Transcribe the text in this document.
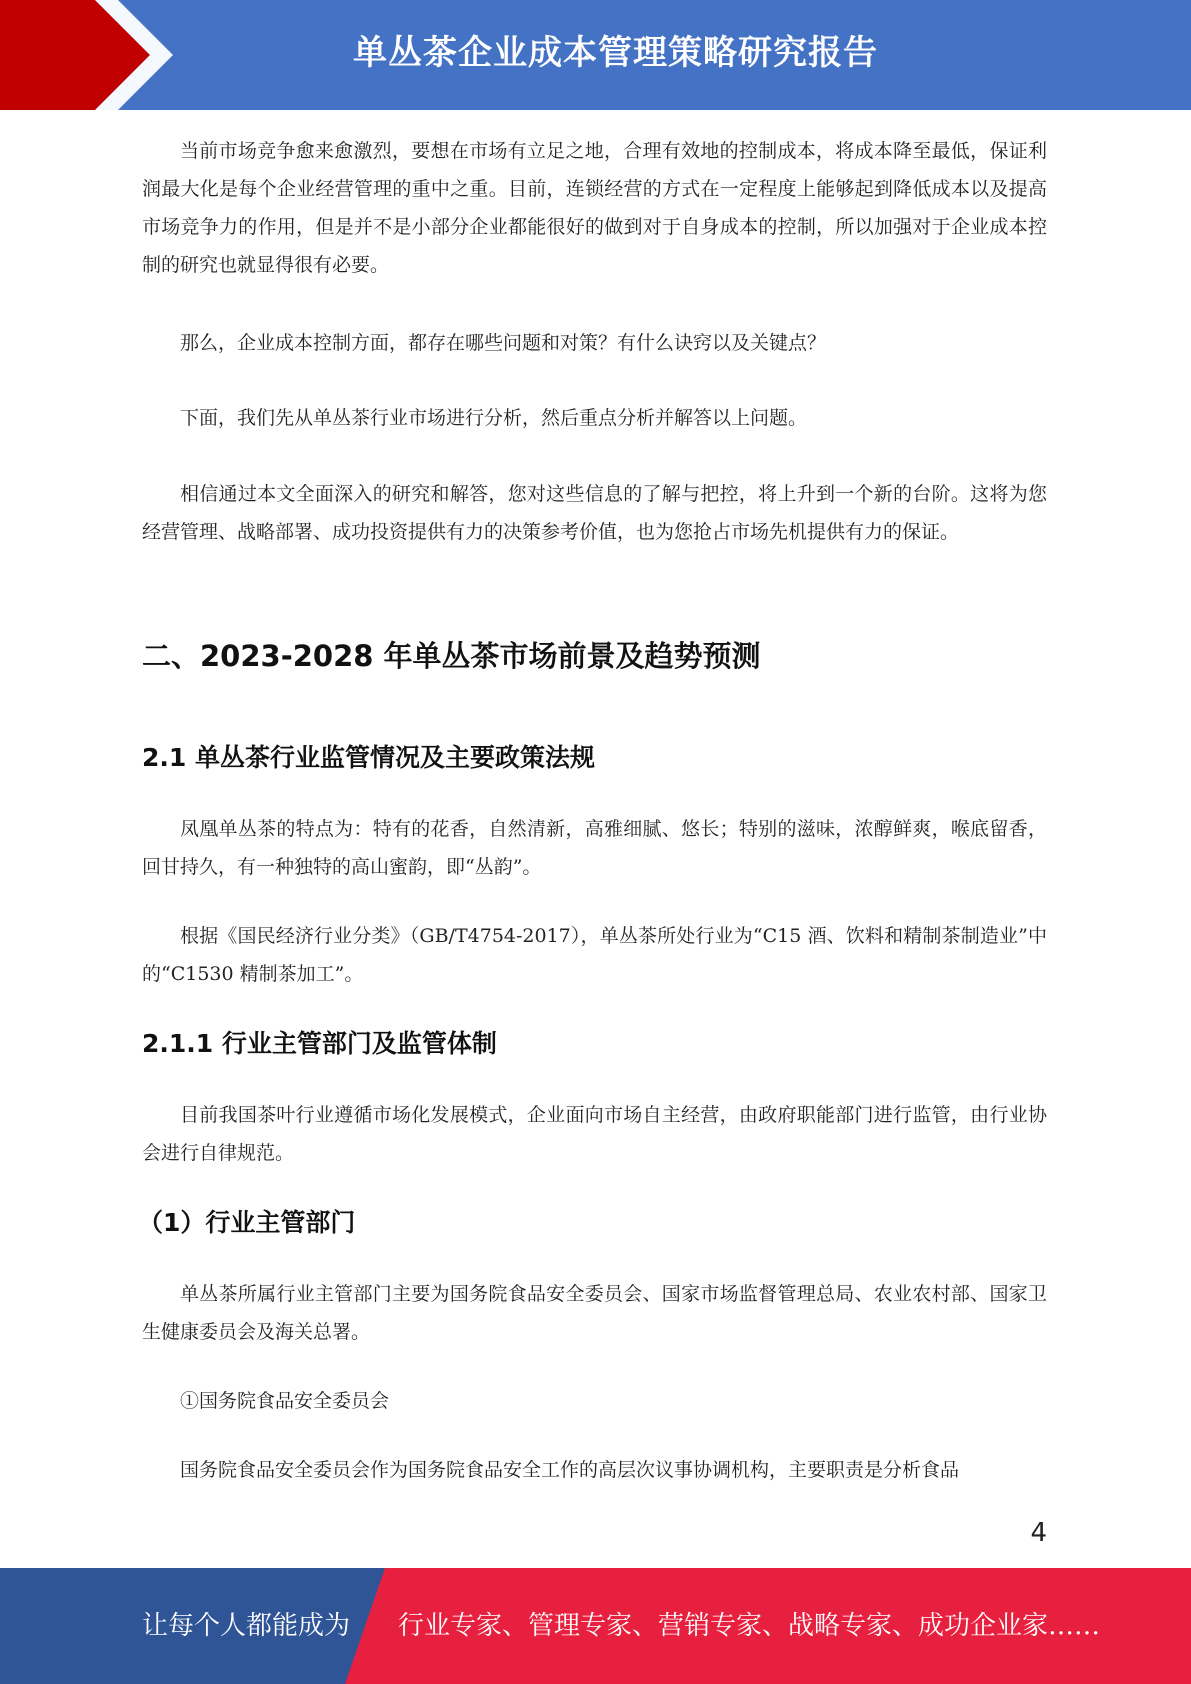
单丛茶企业成本管理策略研究报告

当前市场竞争愈来愈激烈，要想在市场有立足之地，合理有效地的控制成本，将成本降至最低，保证利润最大化是每个企业经营管理的重中之重。目前，连锁经营的方式在一定程度上能够起到降低成本以及提高市场竞争力的作用，但是并不是小部分企业都能很好的做到对于自身成本的控制，所以加强对于企业成本控制的研究也就显得很有必要。

那么，企业成本控制方面，都存在哪些问题和对策？有什么诀窍以及关键点？

下面，我们先从单丛茶行业市场进行分析，然后重点分析并解答以上问题。

相信通过本文全面深入的研究和解答，您对这些信息的了解与把控，将上升到一个新的台阶。这将为您经营管理、战略部署、成功投资提供有力的决策参考价值，也为您抢占市场先机提供有力的保证。

二、2023-2028 年单丛茶市场前景及趋势预测
2.1 单丛茶行业监管情况及主要政策法规

凤凰单丛茶的特点为：特有的花香，自然清新，高雅细腻、悠长；特别的滋味，浓醇鲜爽，喉底留香，回甘持久，有一种独特的高山蜜韵，即“丛韵”。

根据《国民经济行业分类》（GB/T4754-2017），单丛茶所处行业为“C15 酒、饮料和精制茶制造业”中的“C1530 精制茶加工”。

2.1.1 行业主管部门及监管体制

目前我国茶叶行业遵循市场化发展模式，企业面向市场自主经营，由政府职能部门进行监管，由行业协会进行自律规范。

（1）行业主管部门

单丛茶所属行业主管部门主要为国务院食品安全委员会、国家市场监督管理总局、农业农村部、国家卫生健康委员会及海关总署。

①国务院食品安全委员会

国务院食品安全委员会作为国务院食品安全工作的高层次议事协调机构，主要职责是分析食品

4
让每个人都能成为 行业专家、管理专家、营销专家、战略专家、成功企业家……
